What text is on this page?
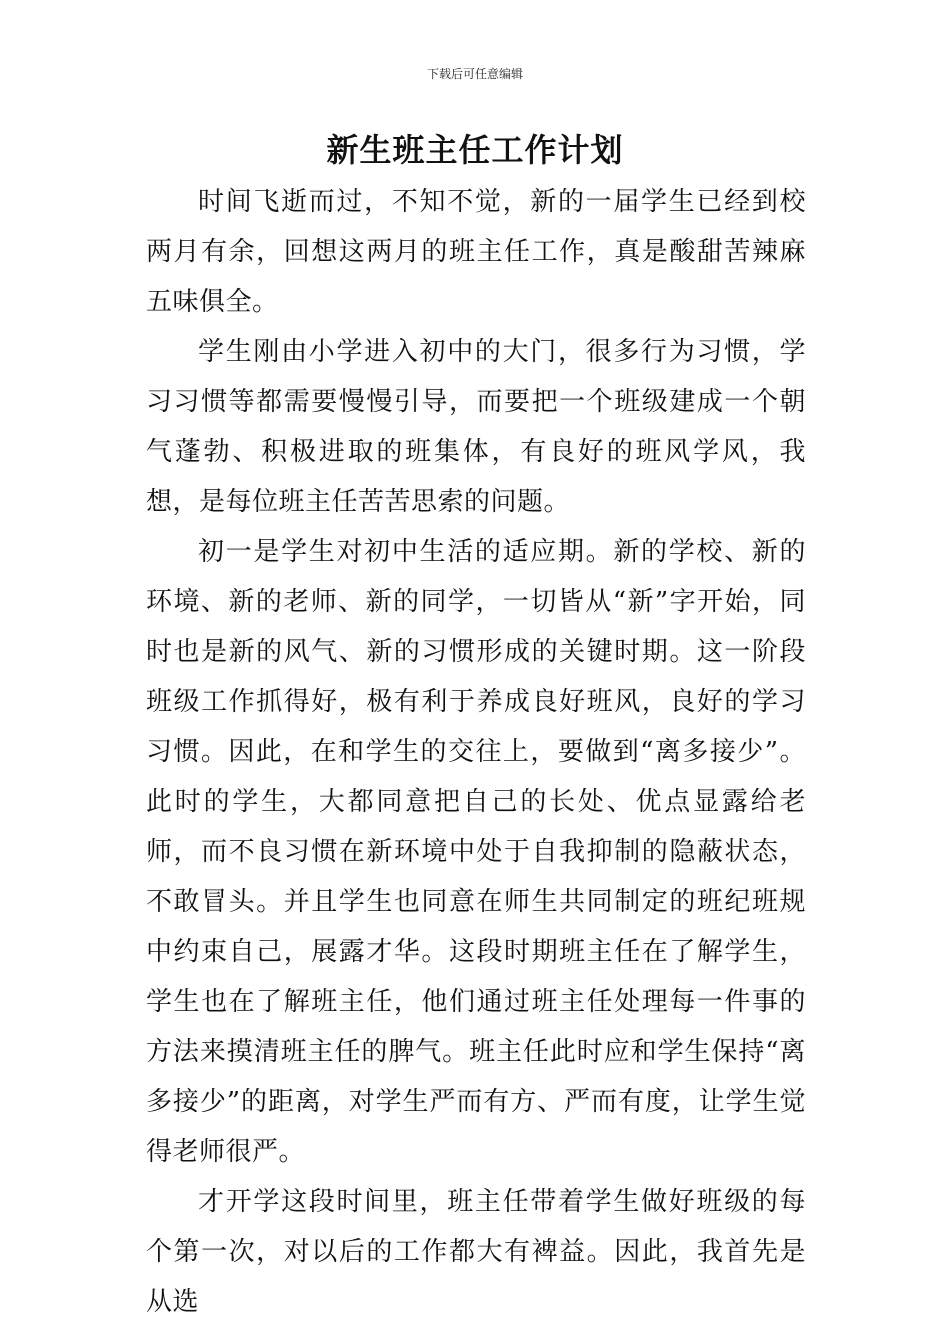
下载后可任意编辑
新生班主任工作计划

时间飞逝而过，不知不觉，新的一届学生已经到校两月有余，回想这两月的班主任工作，真是酸甜苦辣麻五味俱全。

学生刚由小学进入初中的大门，很多行为习惯，学习习惯等都需要慢慢引导，而要把一个班级建成一个朝气蓬勃、积极进取的班集体，有良好的班风学风，我想，是每位班主任苦苦思索的问题。

初一是学生对初中生活的适应期。新的学校、新的环境、新的老师、新的同学，一切皆从“新”字开始，同时也是新的风气、新的习惯形成的关键时期。这一阶段班级工作抓得好，极有利于养成良好班风，良好的学习习惯。因此，在和学生的交往上，要做到“离多接少”。此时的学生，大都同意把自己的长处、优点显露给老师，而不良习惯在新环境中处于自我抑制的隐蔽状态，不敢冒头。并且学生也同意在师生共同制定的班纪班规中约束自己，展露才华。这段时期班主任在了解学生，学生也在了解班主任，他们通过班主任处理每一件事的方法来摸清班主任的脾气。班主任此时应和学生保持“离多接少”的距离，对学生严而有方、严而有度，让学生觉得老师很严。

才开学这段时间里，班主任带着学生做好班级的每个第一次，对以后的工作都大有裨益。因此，我首先是从选
